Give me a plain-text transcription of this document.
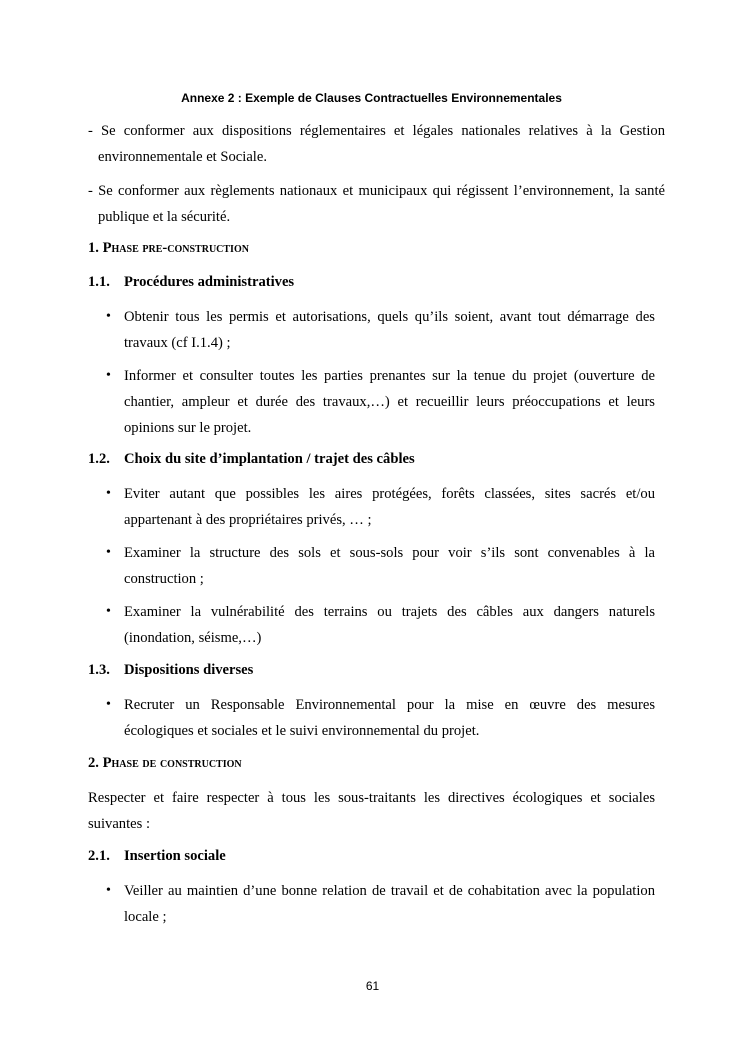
Annexe 2 : Exemple de Clauses Contractuelles Environnementales
- Se conformer aux dispositions réglementaires et légales nationales relatives à la Gestion environnementale et Sociale.
- Se conformer aux règlements nationaux et municipaux qui régissent l’environnement, la santé publique et la sécurité.
1. Phase pre-construction
1.1. Procédures administratives
• Obtenir tous les permis et autorisations, quels qu’ils soient, avant tout démarrage des travaux (cf I.1.4) ;
• Informer et consulter toutes les parties prenantes sur la tenue du projet (ouverture de chantier, ampleur et durée des travaux,…) et recueillir leurs préoccupations et leurs opinions sur le projet.
1.2. Choix du site d’implantation / trajet des câbles
• Eviter autant que possibles les aires protégées, forêts classées, sites sacrés et/ou appartenant à des propriétaires privés, … ;
• Examiner la structure des sols et sous-sols pour voir s’ils sont convenables à la construction ;
• Examiner la vulnérabilité des terrains ou trajets des câbles aux dangers naturels (inondation, séisme,…)
1.3. Dispositions diverses
• Recruter un Responsable Environnemental pour la mise en œuvre des mesures écologiques et sociales et le suivi environnemental du projet.
2. Phase de construction
Respecter et faire respecter à tous les sous-traitants les directives écologiques et sociales suivantes :
2.1. Insertion sociale
• Veiller au maintien d’une bonne relation de travail et de cohabitation avec la population locale ;
61
